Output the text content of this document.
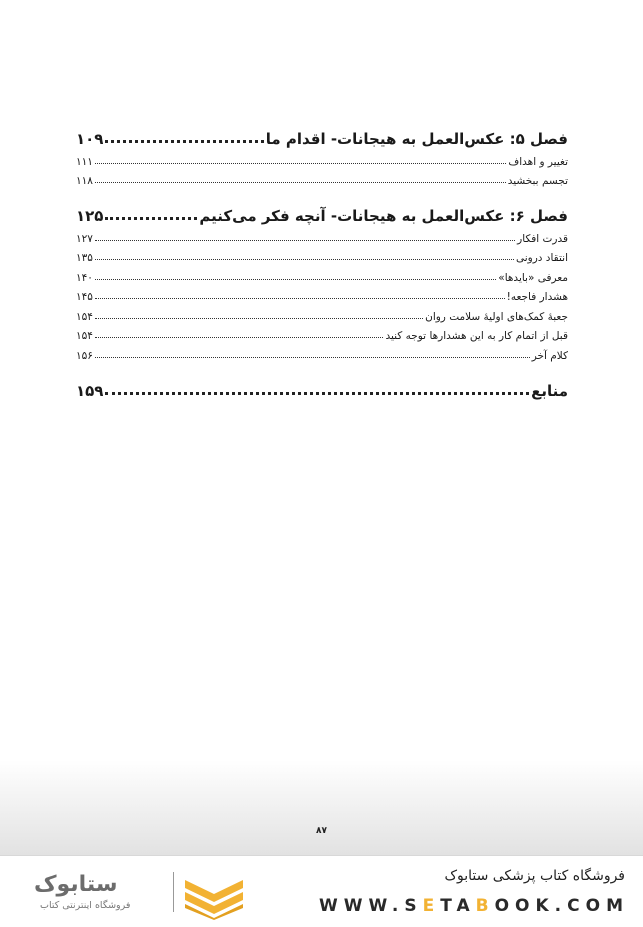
فصل ۵: عکس‌العمل به هیجانات- اقدام ما
۱۰۹
تغییر و اهداف
۱۱۱
تجسم ببخشید
۱۱۸
فصل ۶: عکس‌العمل به هیجانات- آنچه فکر می‌کنیم
۱۲۵
قدرت افکار
۱۲۷
انتقاد درونی
۱۳۵
معرفی «بایدها»
۱۴۰
هشدار فاجعه!
۱۴۵
جعبهٔ کمک‌های اولیهٔ سلامت روان
۱۵۴
قبل از اتمام کار به این هشدارها توجه کنید
۱۵۴
کلام آخر
۱۵۶
منابع
۱۵۹
۸۷
فروشگاه کتاب پزشکی ستابوک
WWW.SETABOOK.COM
ستابوک
فروشگاه اینترنتی کتاب
